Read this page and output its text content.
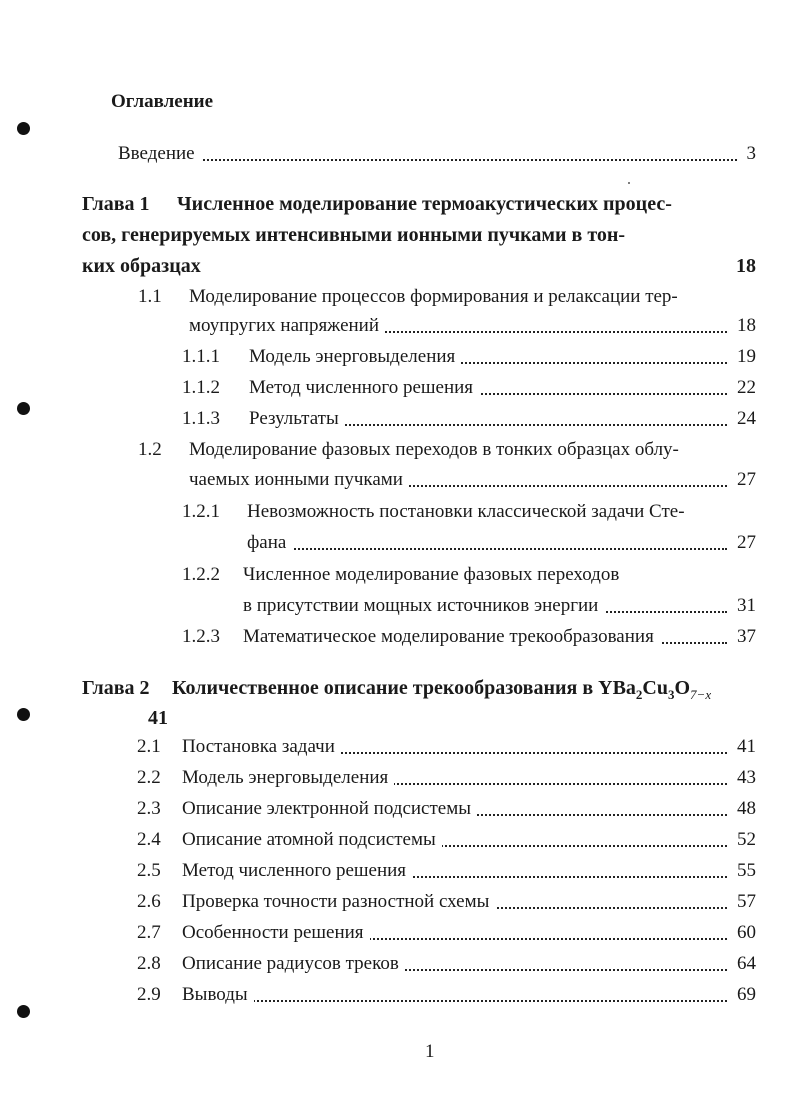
Оглавление
Введение	3
Глава 1 Численное моделирование термоакустических процес-
сов, генерируемых интенсивными ионными пучками в тон-
ких образцах	18
1.1 Моделирование процессов формирования и релаксации тер-
моупругих напряжений	18
1.1.1 Модель энерговыделения	19
1.1.2 Метод численного решения	22
1.1.3 Результаты	24
1.2 Моделирование фазовых переходов в тонких образцах облу-
чаемых ионными пучками	27
1.2.1 Невозможность постановки классической задачи Сте-
фана	27
1.2.2 Численное моделирование фазовых переходов
в присутствии мощных источников энергии	31
1.2.3 Математическое моделирование трекообразования	37
Глава 2 Количественное описание трекообразования в $YBa_2Cu_3O_{7-x}$
41
2.1 Постановка задачи	41
2.2 Модель энерговыделения	43
2.3 Описание электронной подсистемы	48
2.4 Описание атомной подсистемы	52
2.5 Метод численного решения	55
2.6 Проверка точности разностной схемы	57
2.7 Особенности решения	60
2.8 Описание радиусов треков	64
2.9 Выводы	69
1
